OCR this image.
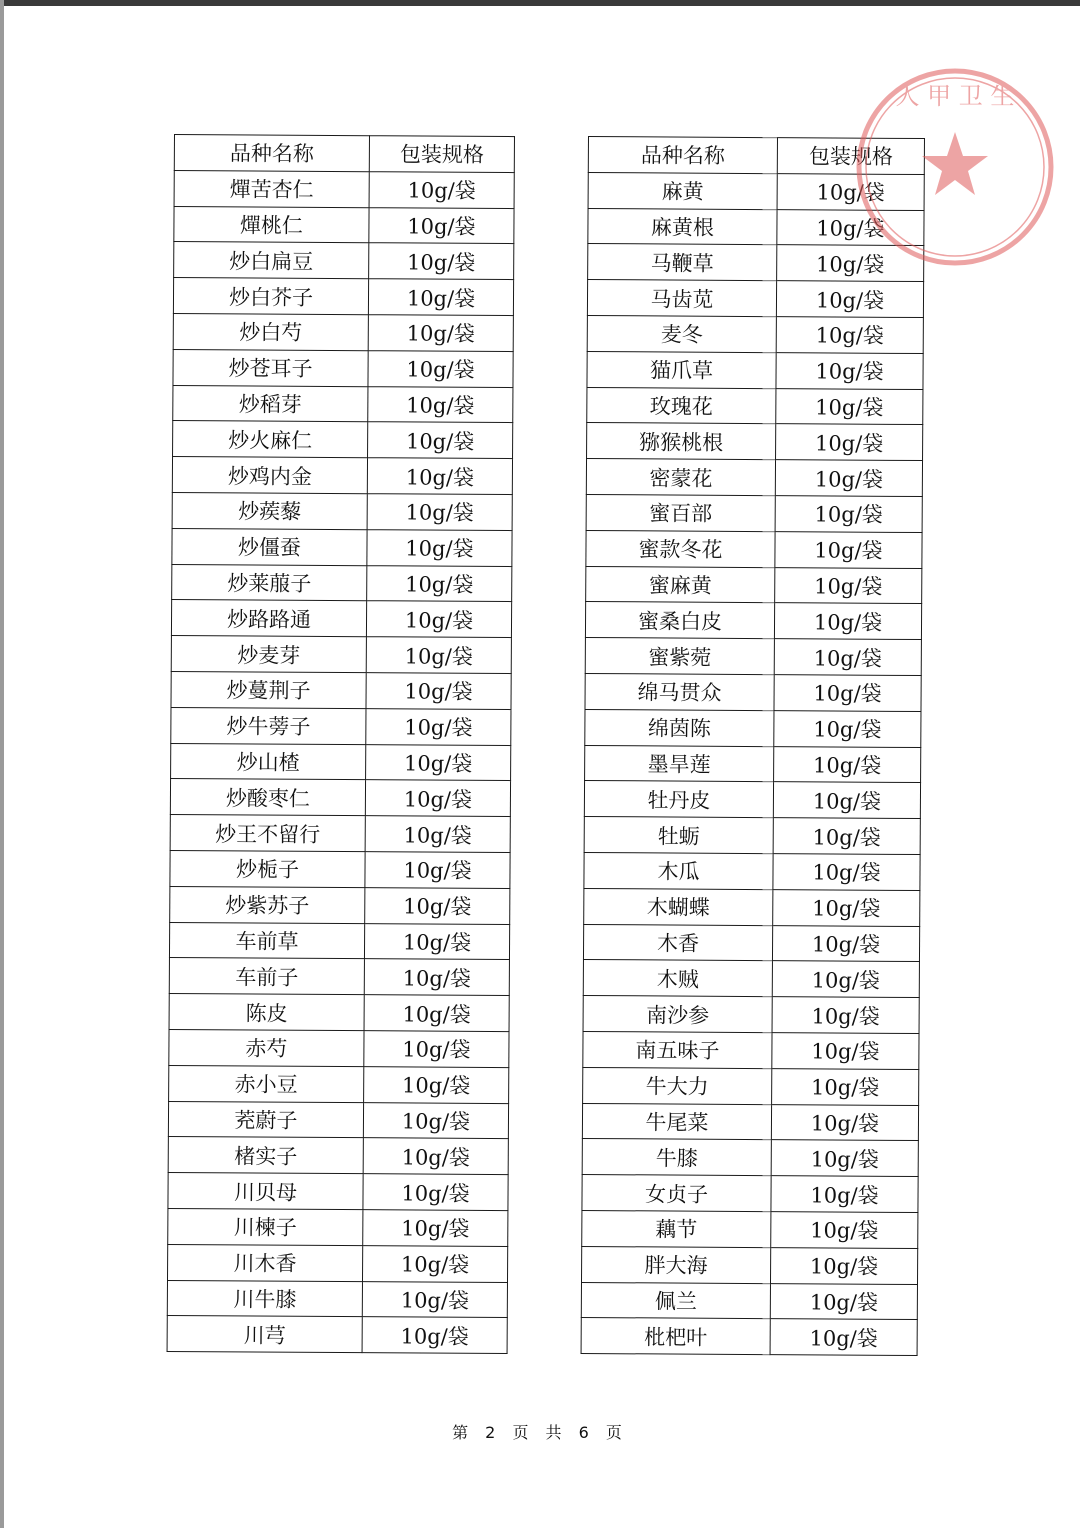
品种名称	包装规格
燀苦杏仁	10g/袋
燀桃仁	10g/袋
炒白扁豆	10g/袋
炒白芥子	10g/袋
炒白芍	10g/袋
炒苍耳子	10g/袋
炒稻芽	10g/袋
炒火麻仁	10g/袋
炒鸡内金	10g/袋
炒蒺藜	10g/袋
炒僵蚕	10g/袋
炒莱菔子	10g/袋
炒路路通	10g/袋
炒麦芽	10g/袋
炒蔓荆子	10g/袋
炒牛蒡子	10g/袋
炒山楂	10g/袋
炒酸枣仁	10g/袋
炒王不留行	10g/袋
炒栀子	10g/袋
炒紫苏子	10g/袋
车前草	10g/袋
车前子	10g/袋
陈皮	10g/袋
赤芍	10g/袋
赤小豆	10g/袋
茺蔚子	10g/袋
楮实子	10g/袋
川贝母	10g/袋
川楝子	10g/袋
川木香	10g/袋
川牛膝	10g/袋
川芎	10g/袋
品种名称	包装规格
麻黄	10g/袋
麻黄根	10g/袋
马鞭草	10g/袋
马齿苋	10g/袋
麦冬	10g/袋
猫爪草	10g/袋
玫瑰花	10g/袋
猕猴桃根	10g/袋
密蒙花	10g/袋
蜜百部	10g/袋
蜜款冬花	10g/袋
蜜麻黄	10g/袋
蜜桑白皮	10g/袋
蜜紫菀	10g/袋
绵马贯众	10g/袋
绵茵陈	10g/袋
墨旱莲	10g/袋
牡丹皮	10g/袋
牡蛎	10g/袋
木瓜	10g/袋
木蝴蝶	10g/袋
木香	10g/袋
木贼	10g/袋
南沙参	10g/袋
南五味子	10g/袋
牛大力	10g/袋
牛尾菜	10g/袋
牛膝	10g/袋
女贞子	10g/袋
藕节	10g/袋
胖大海	10g/袋
佩兰	10g/袋
枇杷叶	10g/袋
人 甲 卫 生
第 2 页 共 6 页
